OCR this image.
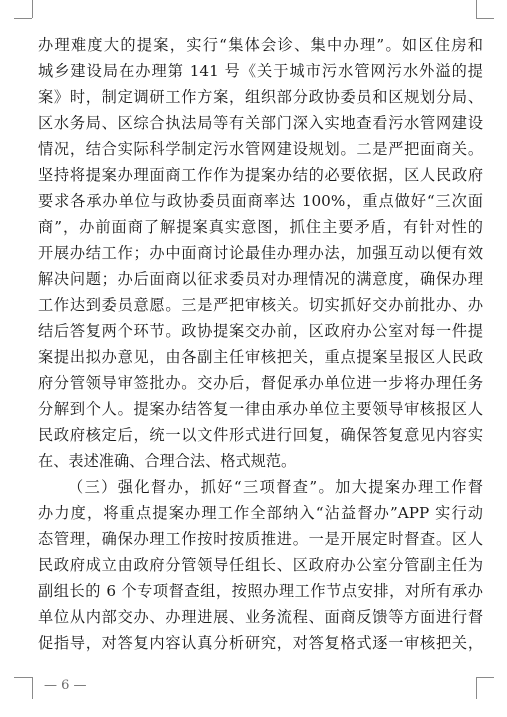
办理难度大的提案，实行“集体会诊、集中办理”。如区住房和
城乡建设局在办理第 141 号《关于城市污水管网污水外溢的提
案》时，制定调研工作方案，组织部分政协委员和区规划分局、
区水务局、区综合执法局等有关部门深入实地查看污水管网建设
情况，结合实际科学制定污水管网建设规划。二是严把面商关。
坚持将提案办理面商工作作为提案办结的必要依据，区人民政府
要求各承办单位与政协委员面商率达 100%，重点做好“三次面
商”，办前面商了解提案真实意图，抓住主要矛盾，有针对性的
开展办结工作；办中面商讨论最佳办理办法，加强互动以便有效
解决问题；办后面商以征求委员对办理情况的满意度，确保办理
工作达到委员意愿。三是严把审核关。切实抓好交办前批办、办
结后答复两个环节。政协提案交办前，区政府办公室对每一件提
案提出拟办意见，由各副主任审核把关，重点提案呈报区人民政
府分管领导审签批办。交办后，督促承办单位进一步将办理任务
分解到个人。提案办结答复一律由承办单位主要领导审核报区人
民政府核定后，统一以文件形式进行回复，确保答复意见内容实
在、表述准确、合理合法、格式规范。
（三）强化督办，抓好“三项督查”。加大提案办理工作督
办力度，将重点提案办理工作全部纳入“沾益督办”APP 实行动
态管理，确保办理工作按时按质推进。一是开展定时督查。区人
民政府成立由政府分管领导任组长、区政府办公室分管副主任为
副组长的 6 个专项督查组，按照办理工作节点安排，对所有承办
单位从内部交办、办理进展、业务流程、面商反馈等方面进行督
促指导，对答复内容认真分析研究，对答复格式逐一审核把关，
— 6 —
